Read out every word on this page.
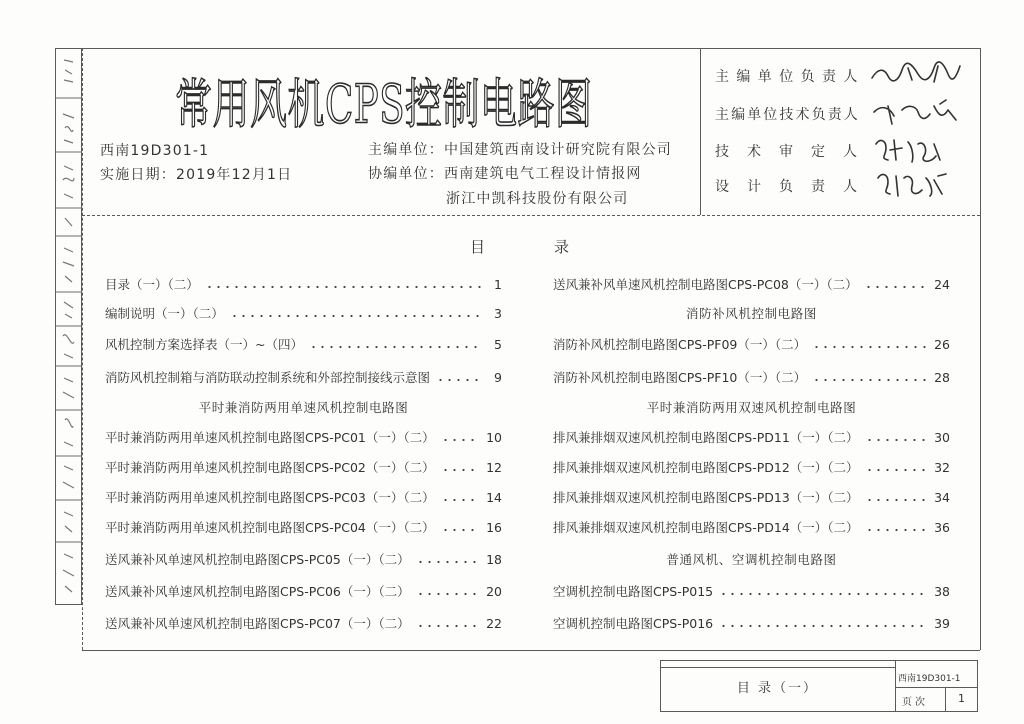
常用风机CPS控制电路图
西南19D301-1
实施日期：2019年12月1日
主编单位：中国建筑西南设计研究院有限公司
协编单位：西南建筑电气工程设计情报网
浙江中凯科技股份有限公司
主编单位负责人
主编单位技术负责人
技术审定人
设计负责人
目	录
目录（一）（二）	1
编制说明（一）（二）	3
风机控制方案选择表（一）~（四）	5
消防风机控制箱与消防联动控制系统和外部控制接线示意图	9
平时兼消防两用单速风机控制电路图
平时兼消防两用单速风机控制电路图CPS-PC01（一）（二）	10
平时兼消防两用单速风机控制电路图CPS-PC02（一）（二）	12
平时兼消防两用单速风机控制电路图CPS-PC03（一）（二）	14
平时兼消防两用单速风机控制电路图CPS-PC04（一）（二）	16
送风兼补风单速风机控制电路图CPS-PC05（一）（二）	18
送风兼补风单速风机控制电路图CPS-PC06（一）（二）	20
送风兼补风单速风机控制电路图CPS-PC07（一）（二）	22
送风兼补风单速风机控制电路图CPS-PC08（一）（二）	24
消防补风机控制电路图
消防补风机控制电路图CPS-PF09（一）（二）	26
消防补风机控制电路图CPS-PF10（一）（二）	28
平时兼消防两用双速风机控制电路图
排风兼排烟双速风机控制电路图CPS-PD11（一）（二）	30
排风兼排烟双速风机控制电路图CPS-PD12（一）（二）	32
排风兼排烟双速风机控制电路图CPS-PD13（一）（二）	34
排风兼排烟双速风机控制电路图CPS-PD14（一）（二）	36
普通风机、空调机控制电路图
空调机控制电路图CPS-P015	38
空调机控制电路图CPS-P016	39
目 录（一）
西南19D301-1
页次	1
